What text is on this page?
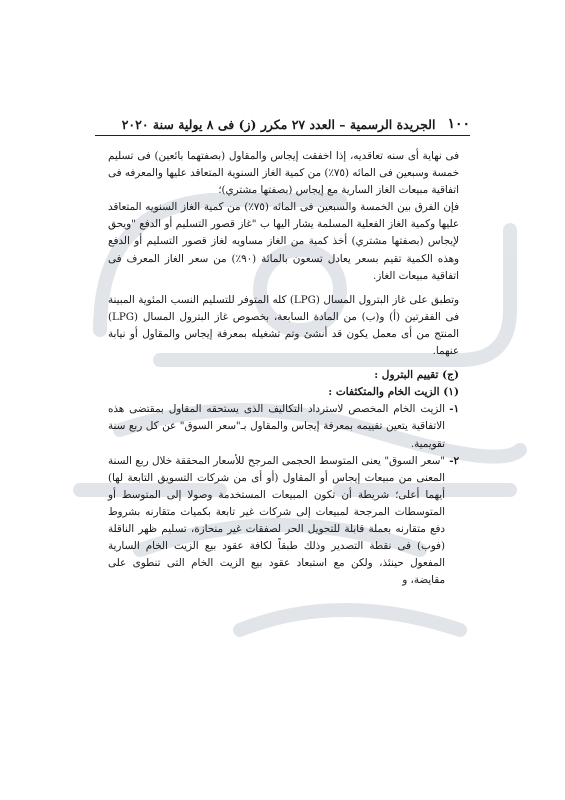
١٠٠
الجريدة الرسمية – العدد ٢٧ مكرر (ز) فى ٨ يولية سنة ٢٠٢٠

فى نهاية أى سنه تعاقديه، إذا اخفقت إيجاس والمقاول (بصفتهما بائعين) فى تسليم خمسة وسبعين فى المائه (٧٥٪) من كمية الغاز السنوية المتعاقد عليها والمعرفه فى اتفاقية مبيعات الغاز السارية مع إيجاس (بصفتها مشتري)؛

فإن الفرق بين الخمسة والسبعين فى المائه (٧٥٪) من كمية الغاز السنويه المتعاقد عليها وكمية الغاز الفعلية المسلمة يشار اليها ب "غاز قصور التسليم أو الدفع "ويحق لإيجاس (بصفتها مشتري) أخذ كمية من الغاز مساويه لغاز قصور التسليم أو الدفع وهذه الكمية تقيم بسعر يعادل تسعون بالمائة (٩٠٪) من سعر الغاز المعرف فى اتفاقية مبيعات الغاز.

وتطبق على غاز البترول المسال (LPG) كله المتوفر للتسليم النسب المئوية المبينة فى الفقرتين (أ) و(ب) من المادة السابعة، بخصوص غاز البترول المسال (LPG) المنتج من أى معمل يكون قد أنشئ وتم تشغيله بمعرفة إيجاس والمقاول أو نيابة عنهما.

(ج) تقييم البترول :

(١) الزيت الخام والمتكثفات :

١-
الزيت الخام المخصص لاسترداد التكاليف الذى يستحقه المقاول بمقتضى هذه الاتفاقية يتعين تقييمه بمعرفة إيجاس والمقاول بـ"سعر السوق" عن كل ربع سنة تقويمية.
٢-
"سعر السوق" يعنى المتوسط الحجمى المرجح للأسعار المحققة خلال ربع السنة المعنى من مبيعات إيجاس أو المقاول (أو أى من شركات التسويق التابعة لها) أيهما أعلى؛ شريطة أن تكون المبيعات المستخدمة وصولا إلى المتوسط أو المتوسطات المرجحة لمبيعات إلى شركات غير تابعة بكميات متقارنه بشروط دفع متقارنه بعملة قابلة للتحويل الحر لصفقات غير منحازة، تسليم ظهر الناقلة (فوب) فى نقطة التصدير وذلك طبقاً لكافة عقود بيع الزيت الخام السارية المفعول حينئذ، ولكن مع استبعاد عقود بيع الزيت الخام التى تنطوى على مقايضة، و
